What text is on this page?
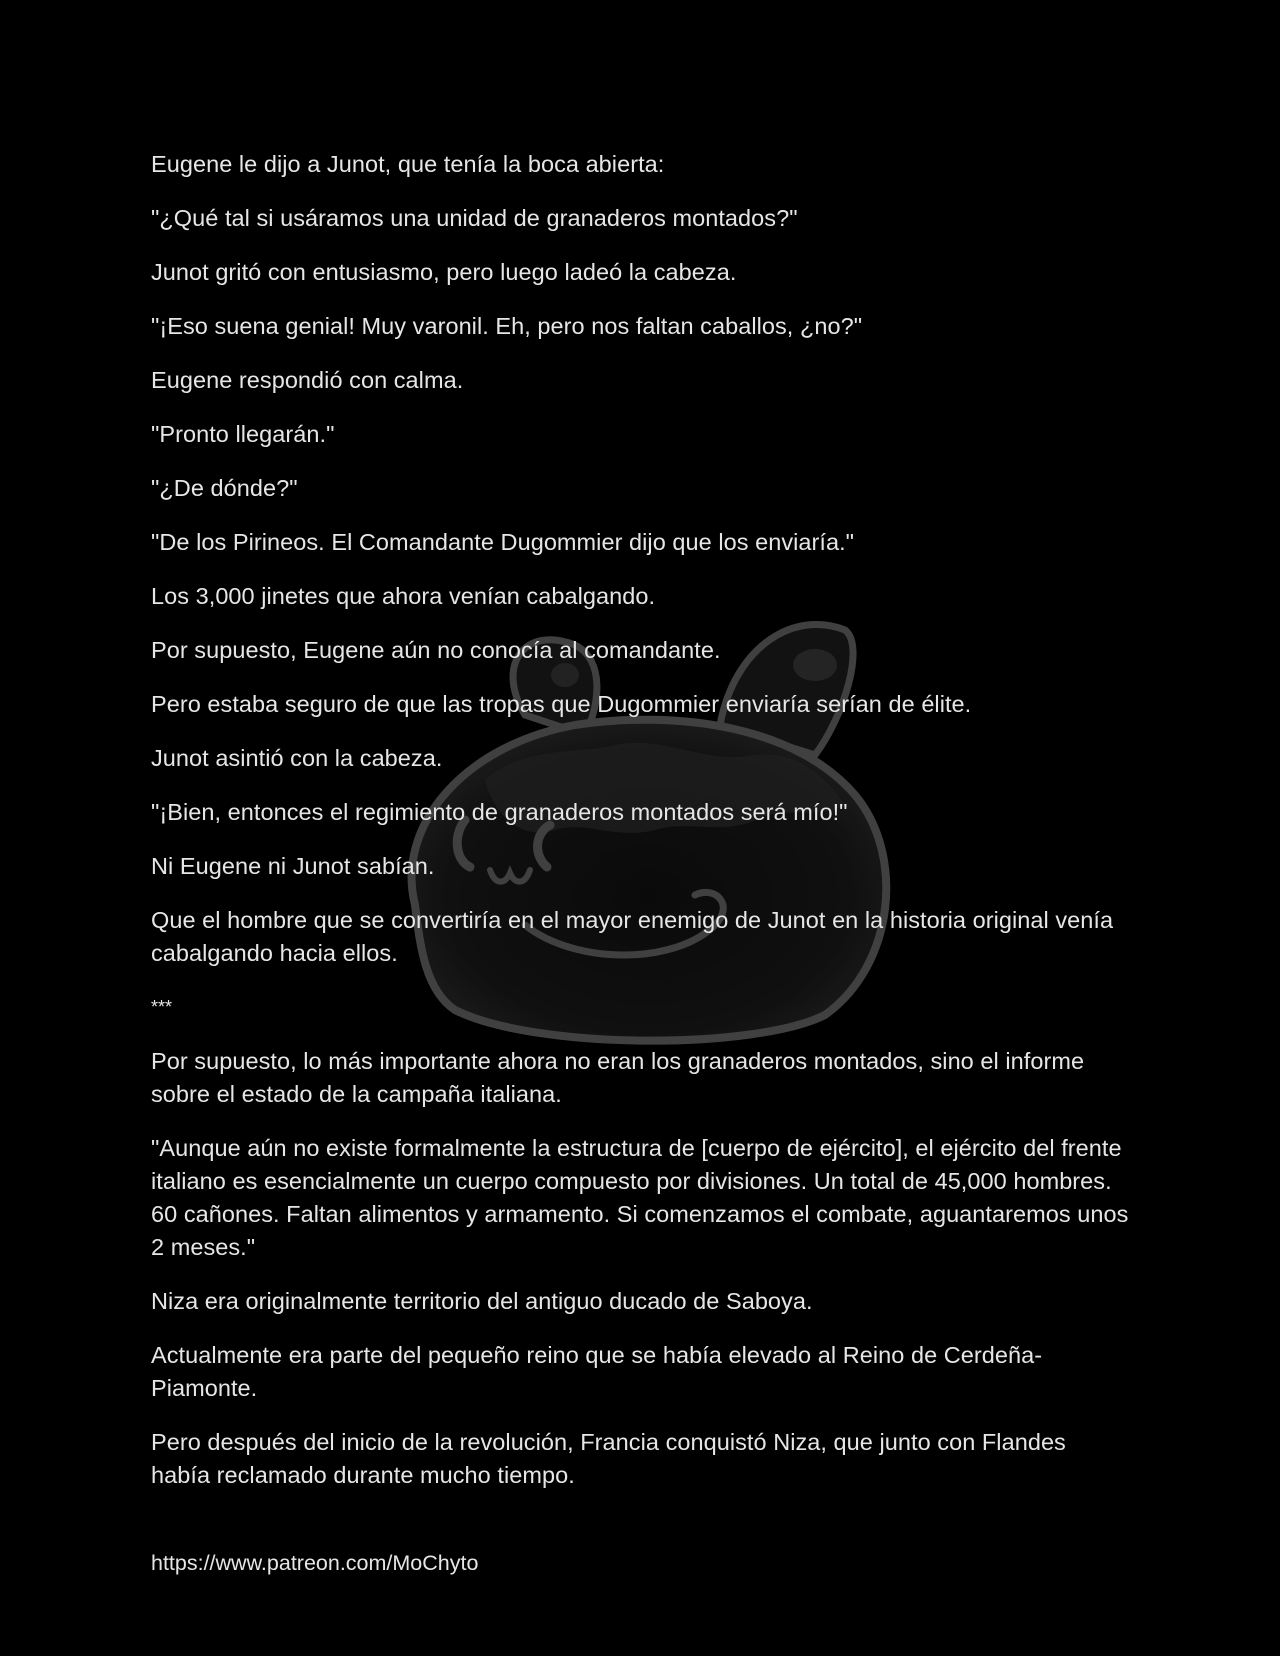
Eugene le dijo a Junot, que tenía la boca abierta:

"¿Qué tal si usáramos una unidad de granaderos montados?"

Junot gritó con entusiasmo, pero luego ladeó la cabeza.

"¡Eso suena genial! Muy varonil. Eh, pero nos faltan caballos, ¿no?"

Eugene respondió con calma.

"Pronto llegarán."

"¿De dónde?"

"De los Pirineos. El Comandante Dugommier dijo que los enviaría."

Los 3,000 jinetes que ahora venían cabalgando.

Por supuesto, Eugene aún no conocía al comandante.

Pero estaba seguro de que las tropas que Dugommier enviaría serían de élite.

Junot asintió con la cabeza.

"¡Bien, entonces el regimiento de granaderos montados será mío!"

Ni Eugene ni Junot sabían.

Que el hombre que se convertiría en el mayor enemigo de Junot en la historia original venía cabalgando hacia ellos.

***

Por supuesto, lo más importante ahora no eran los granaderos montados, sino el informe sobre el estado de la campaña italiana.

"Aunque aún no existe formalmente la estructura de [cuerpo de ejército], el ejército del frente italiano es esencialmente un cuerpo compuesto por divisiones. Un total de 45,000 hombres. 60 cañones. Faltan alimentos y armamento. Si comenzamos el combate, aguantaremos unos 2 meses."

Niza era originalmente territorio del antiguo ducado de Saboya.

Actualmente era parte del pequeño reino que se había elevado al Reino de Cerdeña-Piamonte.

Pero después del inicio de la revolución, Francia conquistó Niza, que junto con Flandes había reclamado durante mucho tiempo.

https://www.patreon.com/MoChyto
